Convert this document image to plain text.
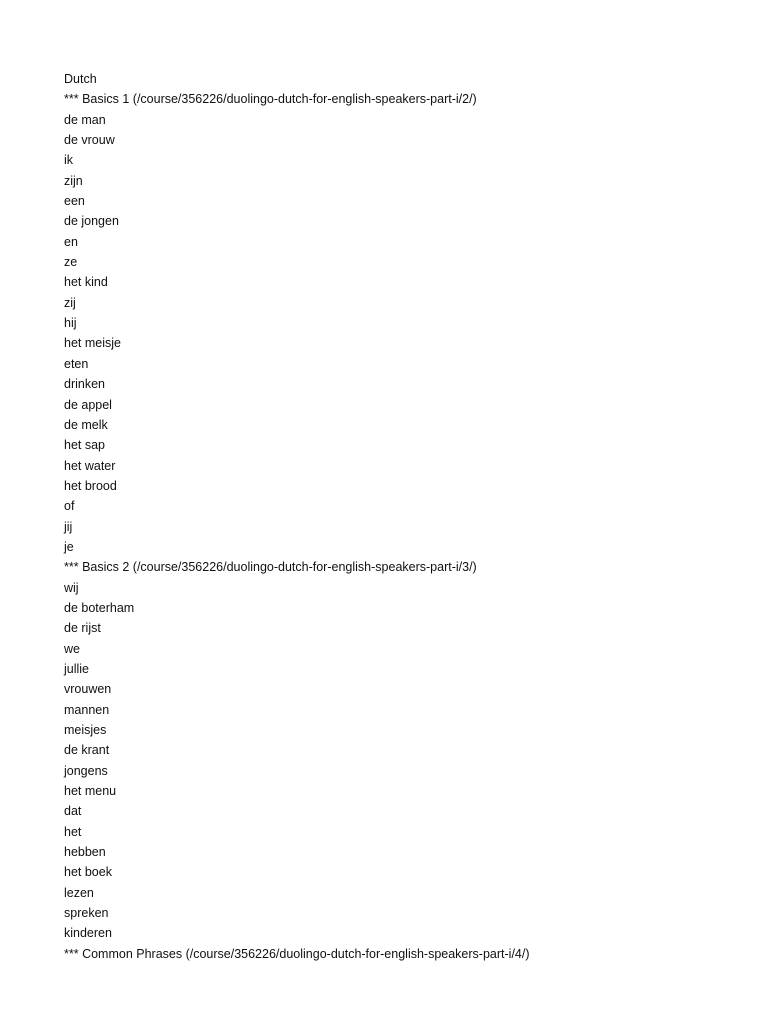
Dutch
*** Basics 1 (/course/356226/duolingo-dutch-for-english-speakers-part-i/2/)
de man
de vrouw
ik
zijn
een
de jongen
en
ze
het kind
zij
hij
het meisje
eten
drinken
de appel
de melk
het sap
het water
het brood
of
jij
je
*** Basics 2 (/course/356226/duolingo-dutch-for-english-speakers-part-i/3/)
wij
de boterham
de rijst
we
jullie
vrouwen
mannen
meisjes
de krant
jongens
het menu
dat
het
hebben
het boek
lezen
spreken
kinderen
*** Common Phrases (/course/356226/duolingo-dutch-for-english-speakers-part-i/4/)
